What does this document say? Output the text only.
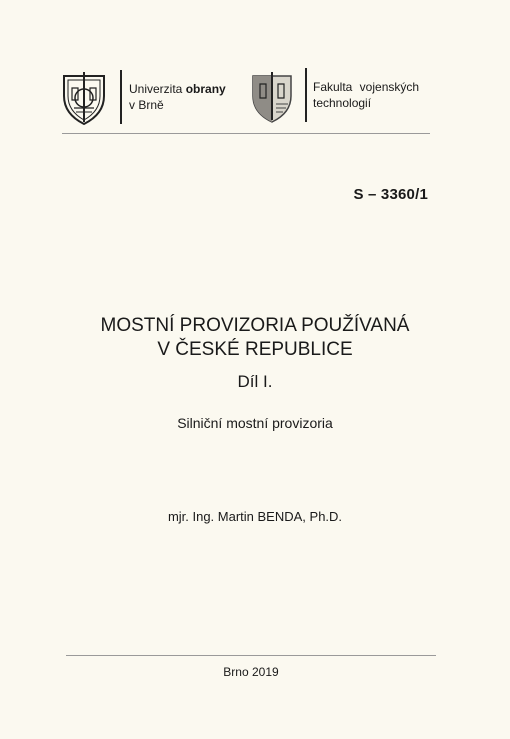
Univerzita obrany
v Brně
Fakulta vojenských
technologií
S – 3360/1
MOSTNÍ PROVIZORIA POUŽÍVANÁ
V ČESKÉ REPUBLICE
Díl I.
Silniční mostní provizoria
mjr. Ing. Martin BENDA, Ph.D.
Brno 2019
